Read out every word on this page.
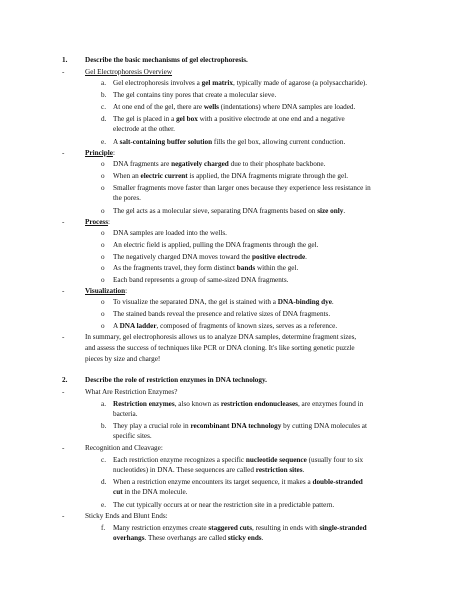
1. Describe the basic mechanisms of gel electrophoresis.
-	Gel Electrophoresis Overview
a. Gel electrophoresis involves a gel matrix, typically made of agarose (a polysaccharide).
b. The gel contains tiny pores that create a molecular sieve.
c. At one end of the gel, there are wells (indentations) where DNA samples are loaded.
d. The gel is placed in a gel box with a positive electrode at one end and a negative
electrode at the other.
e. A salt-containing buffer solution fills the gel box, allowing current conduction.
-	Principle:
o DNA fragments are negatively charged due to their phosphate backbone.
o When an electric current is applied, the DNA fragments migrate through the gel.
o Smaller fragments move faster than larger ones because they experience less resistance in
the pores.
o The gel acts as a molecular sieve, separating DNA fragments based on size only.
-	Process:
o DNA samples are loaded into the wells.
o An electric field is applied, pulling the DNA fragments through the gel.
o The negatively charged DNA moves toward the positive electrode.
o As the fragments travel, they form distinct bands within the gel.
o Each band represents a group of same-sized DNA fragments.
-	Visualization:
o To visualize the separated DNA, the gel is stained with a DNA-binding dye.
o The stained bands reveal the presence and relative sizes of DNA fragments.
o A DNA ladder, composed of fragments of known sizes, serves as a reference.
-	In summary, gel electrophoresis allows us to analyze DNA samples, determine fragment sizes,
and assess the success of techniques like PCR or DNA cloning. It's like sorting genetic puzzle
pieces by size and charge!
2. Describe the role of restriction enzymes in DNA technology.
-	What Are Restriction Enzymes?
a. Restriction enzymes, also known as restriction endonucleases, are enzymes found in
bacteria.
b. They play a crucial role in recombinant DNA technology by cutting DNA molecules at
specific sites.
-	Recognition and Cleavage:
c. Each restriction enzyme recognizes a specific nucleotide sequence (usually four to six
nucleotides) in DNA. These sequences are called restriction sites.
d. When a restriction enzyme encounters its target sequence, it makes a double-stranded
cut in the DNA molecule.
e. The cut typically occurs at or near the restriction site in a predictable pattern.
-	Sticky Ends and Blunt Ends:
f. Many restriction enzymes create staggered cuts, resulting in ends with single-stranded
overhangs. These overhangs are called sticky ends.
